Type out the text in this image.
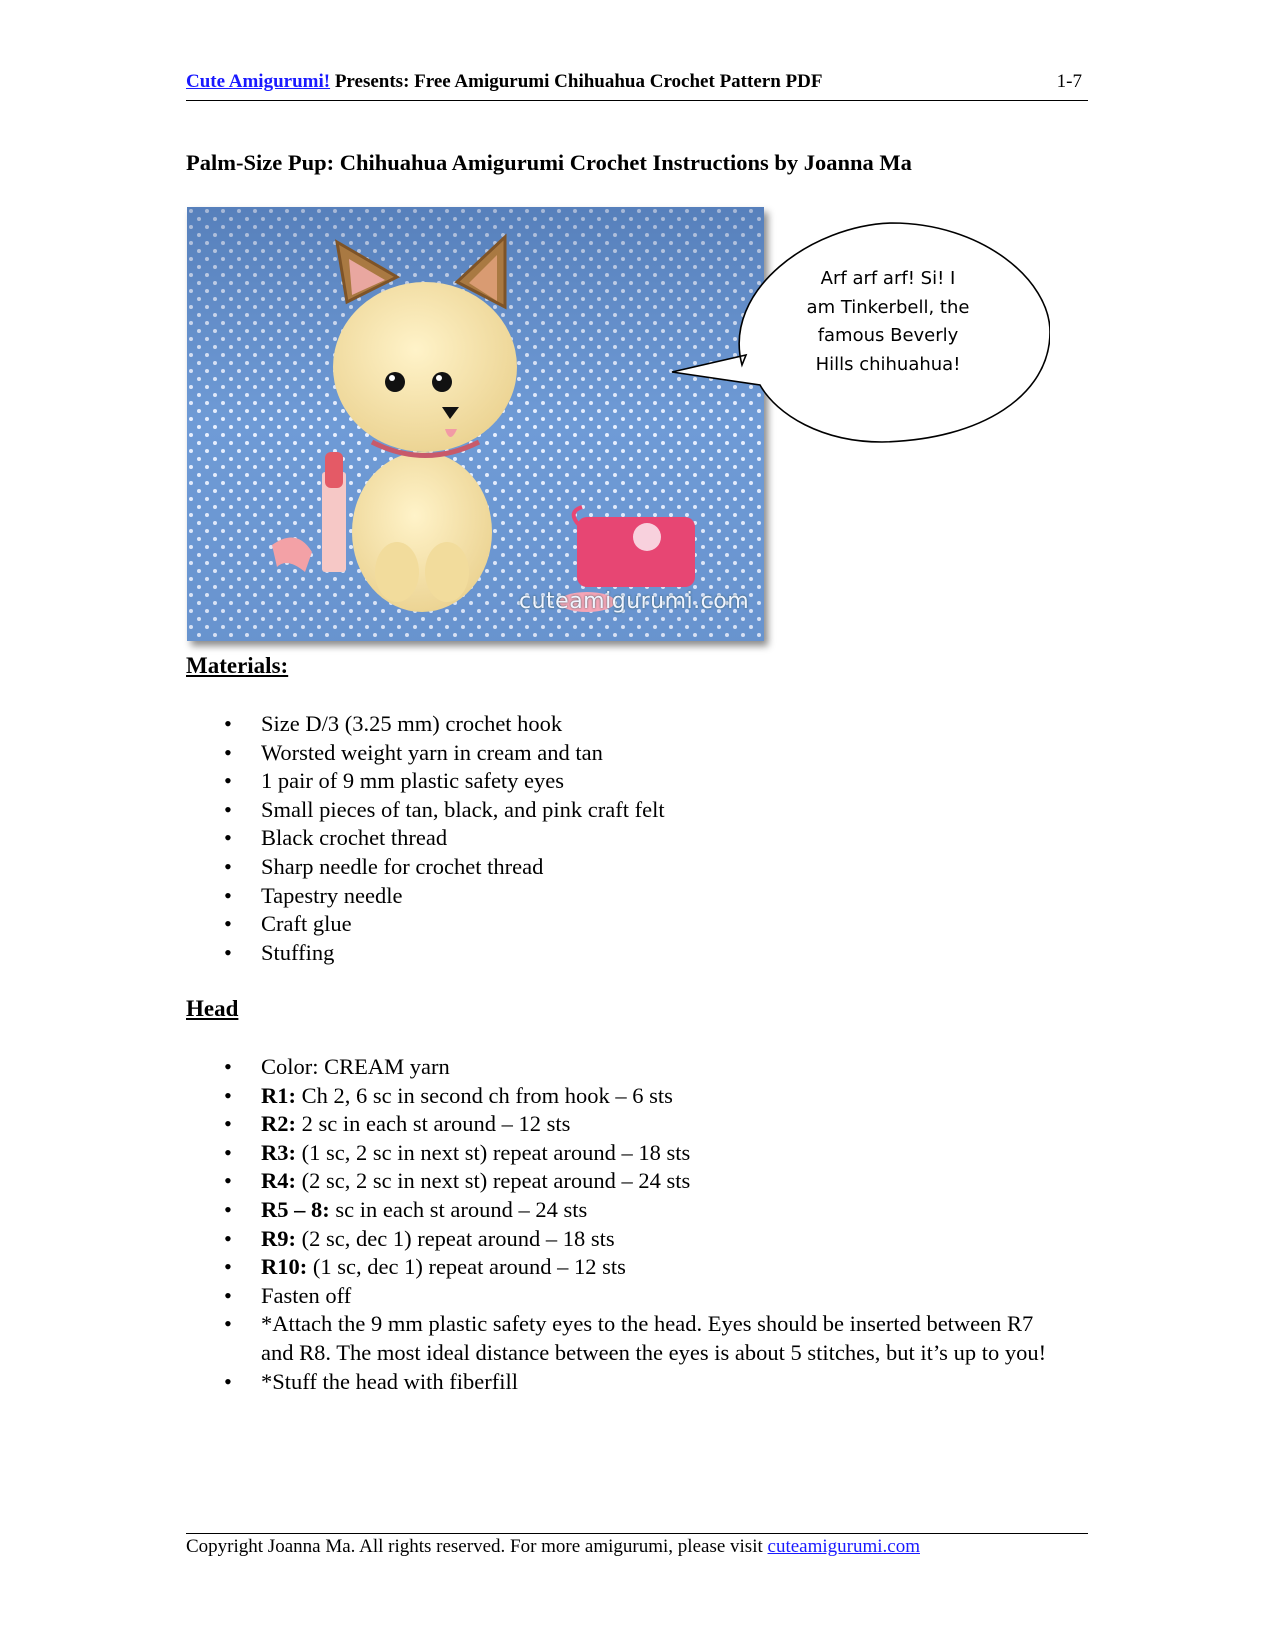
Cute Amigurumi! Presents: Free Amigurumi Chihuahua Crochet Pattern PDF	1-7
Palm-Size Pup: Chihuahua Amigurumi Crochet Instructions by Joanna Ma
cuteamigurumi.com
Arf arf arf! Si! I
am Tinkerbell, the
famous Beverly
Hills chihuahua!
Materials:
• Size D/3 (3.25 mm) crochet hook
• Worsted weight yarn in cream and tan
• 1 pair of 9 mm plastic safety eyes
• Small pieces of tan, black, and pink craft felt
• Black crochet thread
• Sharp needle for crochet thread
• Tapestry needle
• Craft glue
• Stuffing
Head
• Color: CREAM yarn
• R1: Ch 2, 6 sc in second ch from hook – 6 sts
• R2: 2 sc in each st around – 12 sts
• R3: (1 sc, 2 sc in next st) repeat around – 18 sts
• R4: (2 sc, 2 sc in next st) repeat around – 24 sts
• R5 – 8: sc in each st around – 24 sts
• R9: (2 sc, dec 1) repeat around – 18 sts
• R10: (1 sc, dec 1) repeat around – 12 sts
• Fasten off
• *Attach the 9 mm plastic safety eyes to the head. Eyes should be inserted between R7 and R8. The most ideal distance between the eyes is about 5 stitches, but it’s up to you!
• *Stuff the head with fiberfill
Copyright Joanna Ma. All rights reserved. For more amigurumi, please visit cuteamigurumi.com
